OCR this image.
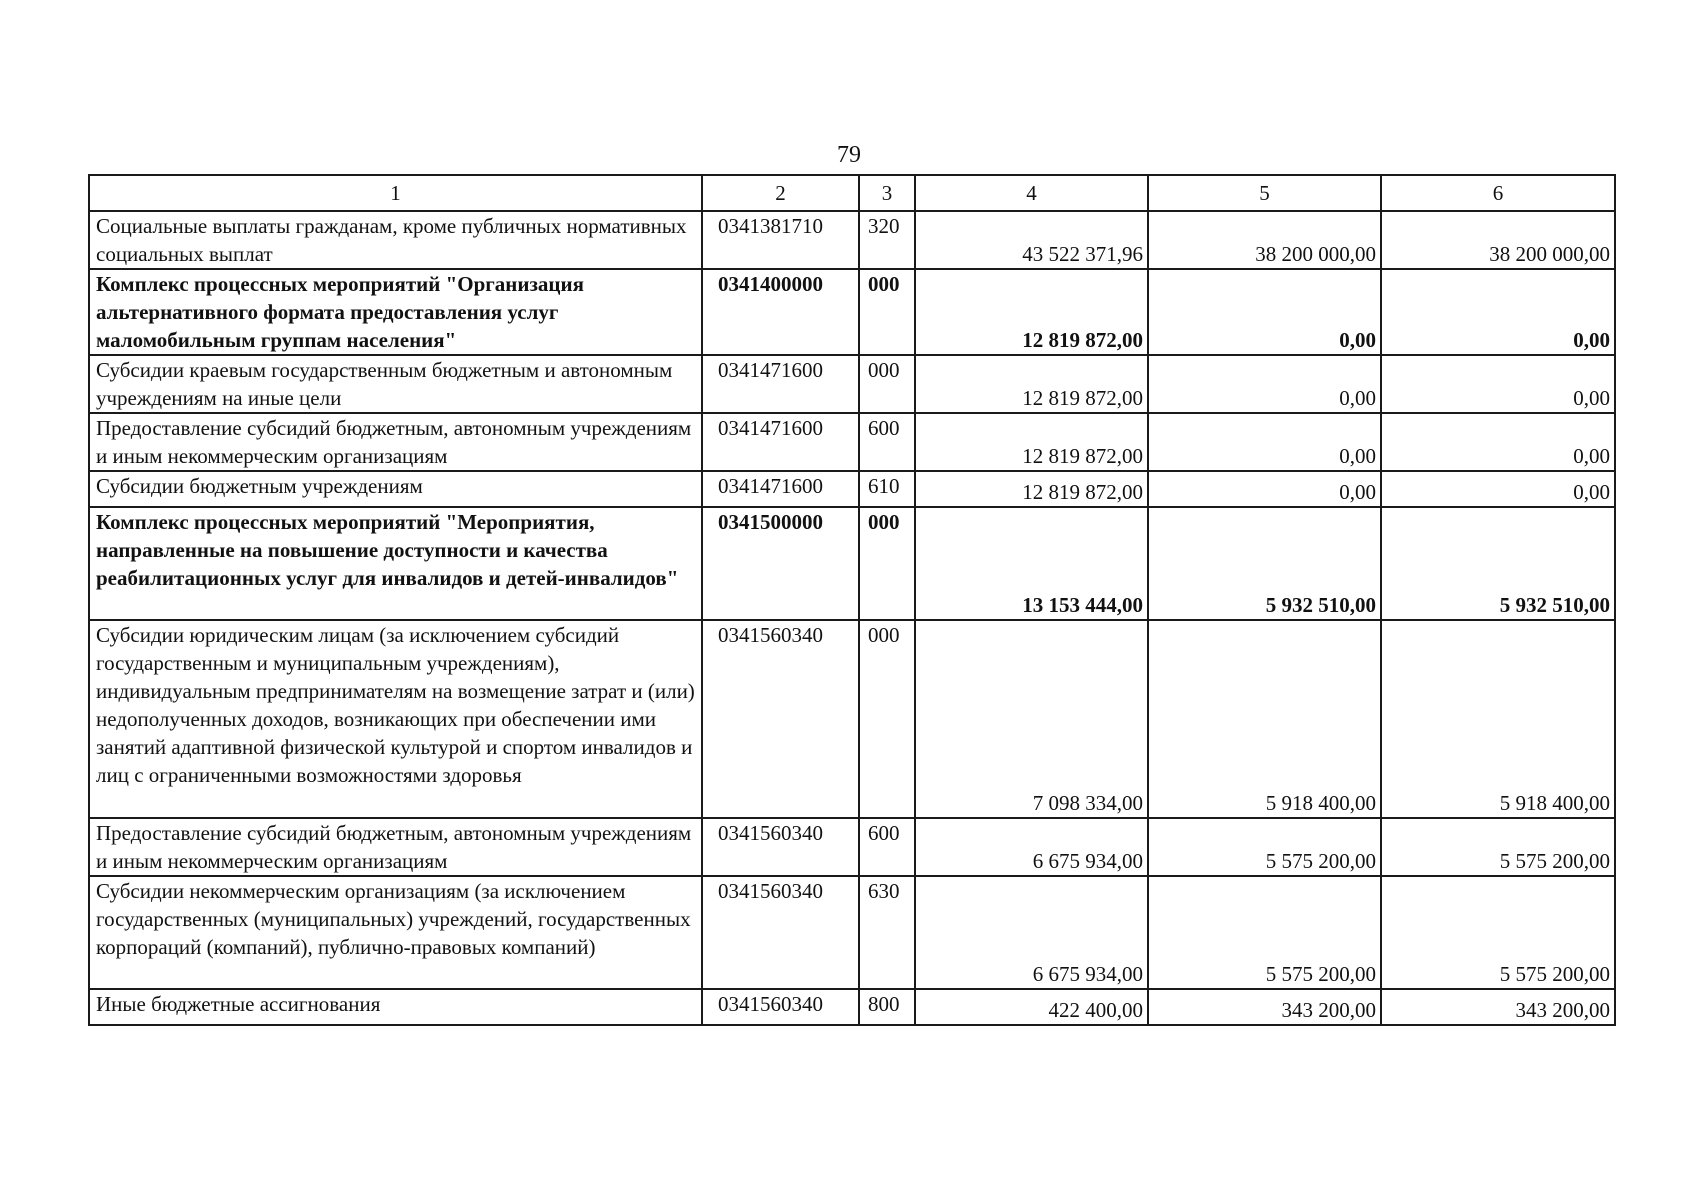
79
1	2	3	4	5	6
Социальные выплаты гражданам, кроме публичных нормативных социальных выплат	0341381710	320	43 522 371,96	38 200 000,00	38 200 000,00
Комплекс процессных мероприятий "Организация альтернативного формата предоставления услуг маломобильным группам населения"	0341400000	000	12 819 872,00	0,00	0,00
Субсидии краевым государственным бюджетным и автономным учреждениям на иные цели	0341471600	000	12 819 872,00	0,00	0,00
Предоставление субсидий бюджетным, автономным учреждениям и иным некоммерческим организациям	0341471600	600	12 819 872,00	0,00	0,00
Субсидии бюджетным учреждениям	0341471600	610	12 819 872,00	0,00	0,00
Комплекс процессных мероприятий "Мероприятия, направленные на повышение доступности и качества реабилитационных услуг для инвалидов и детей-инвалидов"	0341500000	000	13 153 444,00	5 932 510,00	5 932 510,00
Субсидии юридическим лицам (за исключением субсидий государственным и муниципальным учреждениям), индивидуальным предпринимателям на возмещение затрат и (или) недополученных доходов, возникающих при обеспечении ими занятий адаптивной физической культурой и спортом инвалидов и лиц с ограниченными возможностями здоровья	0341560340	000	7 098 334,00	5 918 400,00	5 918 400,00
Предоставление субсидий бюджетным, автономным учреждениям и иным некоммерческим организациям	0341560340	600	6 675 934,00	5 575 200,00	5 575 200,00
Субсидии некоммерческим организациям (за исключением государственных (муниципальных) учреждений, государственных корпораций (компаний), публично-правовых компаний)	0341560340	630	6 675 934,00	5 575 200,00	5 575 200,00
Иные бюджетные ассигнования	0341560340	800	422 400,00	343 200,00	343 200,00
